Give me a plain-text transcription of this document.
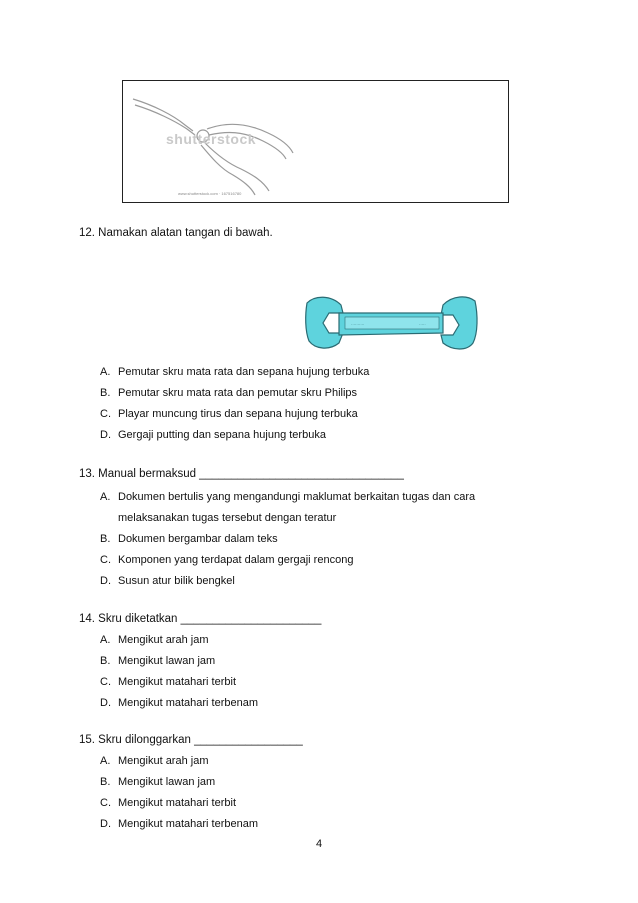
shutterstock
www.shutterstock.com · 167516780
12. Namakan alatan tangan di bawah.
··········	·····
A. Pemutar skru mata rata dan sepana hujung terbuka
B. Pemutar skru mata rata dan pemutar skru Philips
C. Playar muncung tirus dan sepana hujung terbuka
D. Gergaji putting dan sepana hujung terbuka
13. Manual bermaksud ________________________________
A. Dokumen bertulis yang mengandungi maklumat berkaitan tugas dan cara
melaksanakan tugas tersebut dengan teratur
B. Dokumen bergambar dalam teks
C. Komponen yang terdapat dalam gergaji rencong
D. Susun atur bilik bengkel
14. Skru diketatkan ______________________
A. Mengikut arah jam
B. Mengikut lawan jam
C. Mengikut matahari terbit
D. Mengikut matahari terbenam
15. Skru dilonggarkan _________________
A. Mengikut arah jam
B. Mengikut lawan jam
C. Mengikut matahari terbit
D. Mengikut matahari terbenam
4
